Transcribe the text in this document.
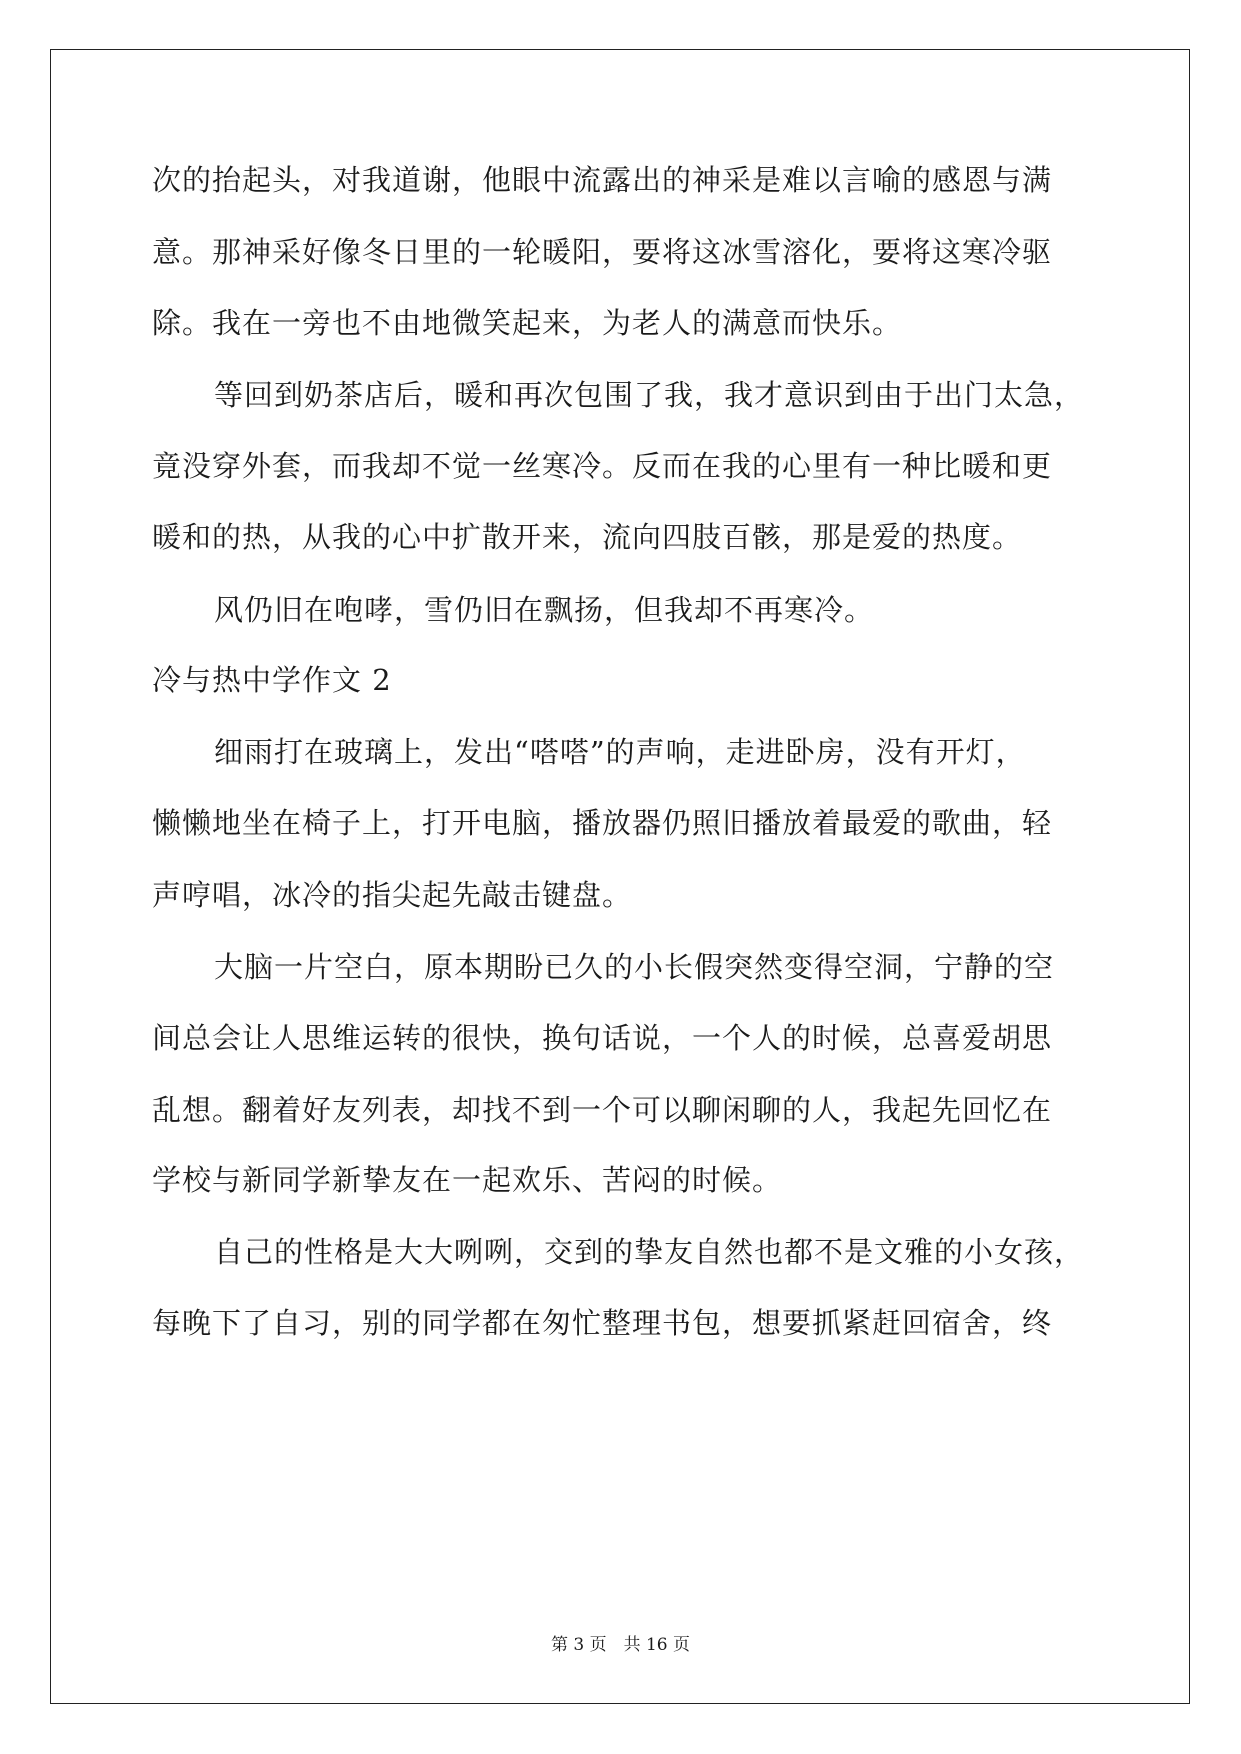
次的抬起头，对我道谢，他眼中流露出的神采是难以言喻的感恩与满
意。那神采好像冬日里的一轮暖阳，要将这冰雪溶化，要将这寒冷驱
除。我在一旁也不由地微笑起来，为老人的满意而快乐。
等回到奶茶店后，暖和再次包围了我，我才意识到由于出门太急，
竟没穿外套，而我却不觉一丝寒冷。反而在我的心里有一种比暖和更
暖和的热，从我的心中扩散开来，流向四肢百骸，那是爱的热度。
风仍旧在咆哮，雪仍旧在飘扬，但我却不再寒冷。
冷与热中学作文 2
细雨打在玻璃上，发出“嗒嗒”的声响，走进卧房，没有开灯，
懒懒地坐在椅子上，打开电脑，播放器仍照旧播放着最爱的歌曲，轻
声哼唱，冰冷的指尖起先敲击键盘。
大脑一片空白，原本期盼已久的小长假突然变得空洞，宁静的空
间总会让人思维运转的很快，换句话说，一个人的时候，总喜爱胡思
乱想。翻着好友列表，却找不到一个可以聊闲聊的人，我起先回忆在
学校与新同学新挚友在一起欢乐、苦闷的时候。
自己的性格是大大咧咧，交到的挚友自然也都不是文雅的小女孩，
每晚下了自习，别的同学都在匆忙整理书包，想要抓紧赶回宿舍，终
第 3 页　共 16 页
